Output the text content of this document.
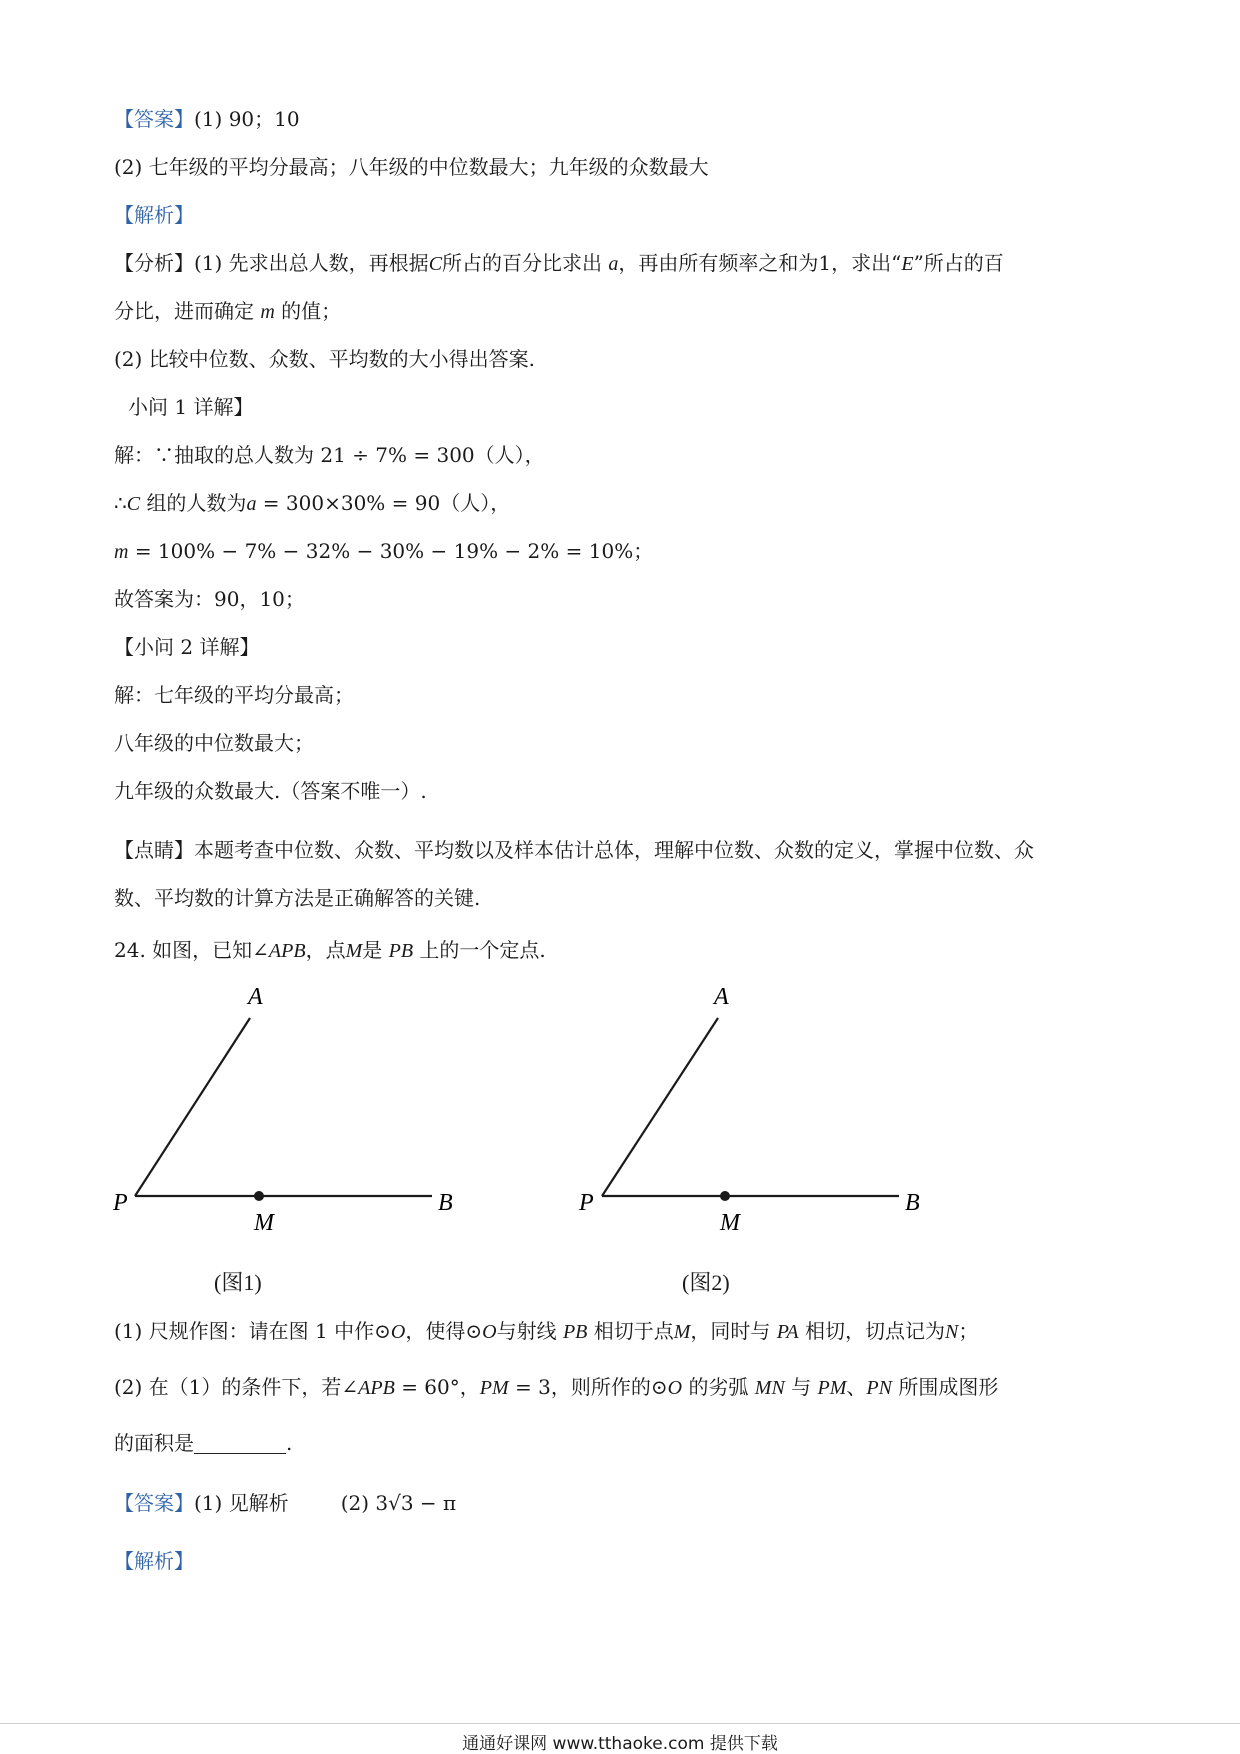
【答案】(1) 90；10
(2) 七年级的平均分最高；八年级的中位数最大；九年级的众数最大
【解析】
【分析】(1) 先求出总人数，再根据C所占的百分比求出 a，再由所有频率之和为1，求出“E”所占的百
分比，进而确定 m 的值；
(2) 比较中位数、众数、平均数的大小得出答案.
小问 1 详解】
解：∵抽取的总人数为 21 ÷ 7% = 300（人），
∴C 组的人数为a = 300×30% = 90（人），
m = 100% − 7% − 32% − 30% − 19% − 2% = 10%；
故答案为：90，10；
【小问 2 详解】
解：七年级的平均分最高；
八年级的中位数最大；
九年级的众数最大.（答案不唯一）.
【点睛】本题考查中位数、众数、平均数以及样本估计总体，理解中位数、众数的定义，掌握中位数、众
数、平均数的计算方法是正确解答的关键.
24. 如图，已知∠APB，点M是 PB 上的一个定点.
A
P
M
B
A
P
M
B
(图1)	(图2)
(1) 尺规作图：请在图 1 中作⊙O，使得⊙O与射线 PB 相切于点M，同时与 PA 相切，切点记为N；
(2) 在（1）的条件下，若∠APB = 60°，PM = 3，则所作的⊙O 的劣弧 MN 与 PM、PN 所围成图形
的面积是	.
【答案】(1) 见解析	(2) 3√3 − π
【解析】
通通好课网 www.tthaoke.com 提供下载
